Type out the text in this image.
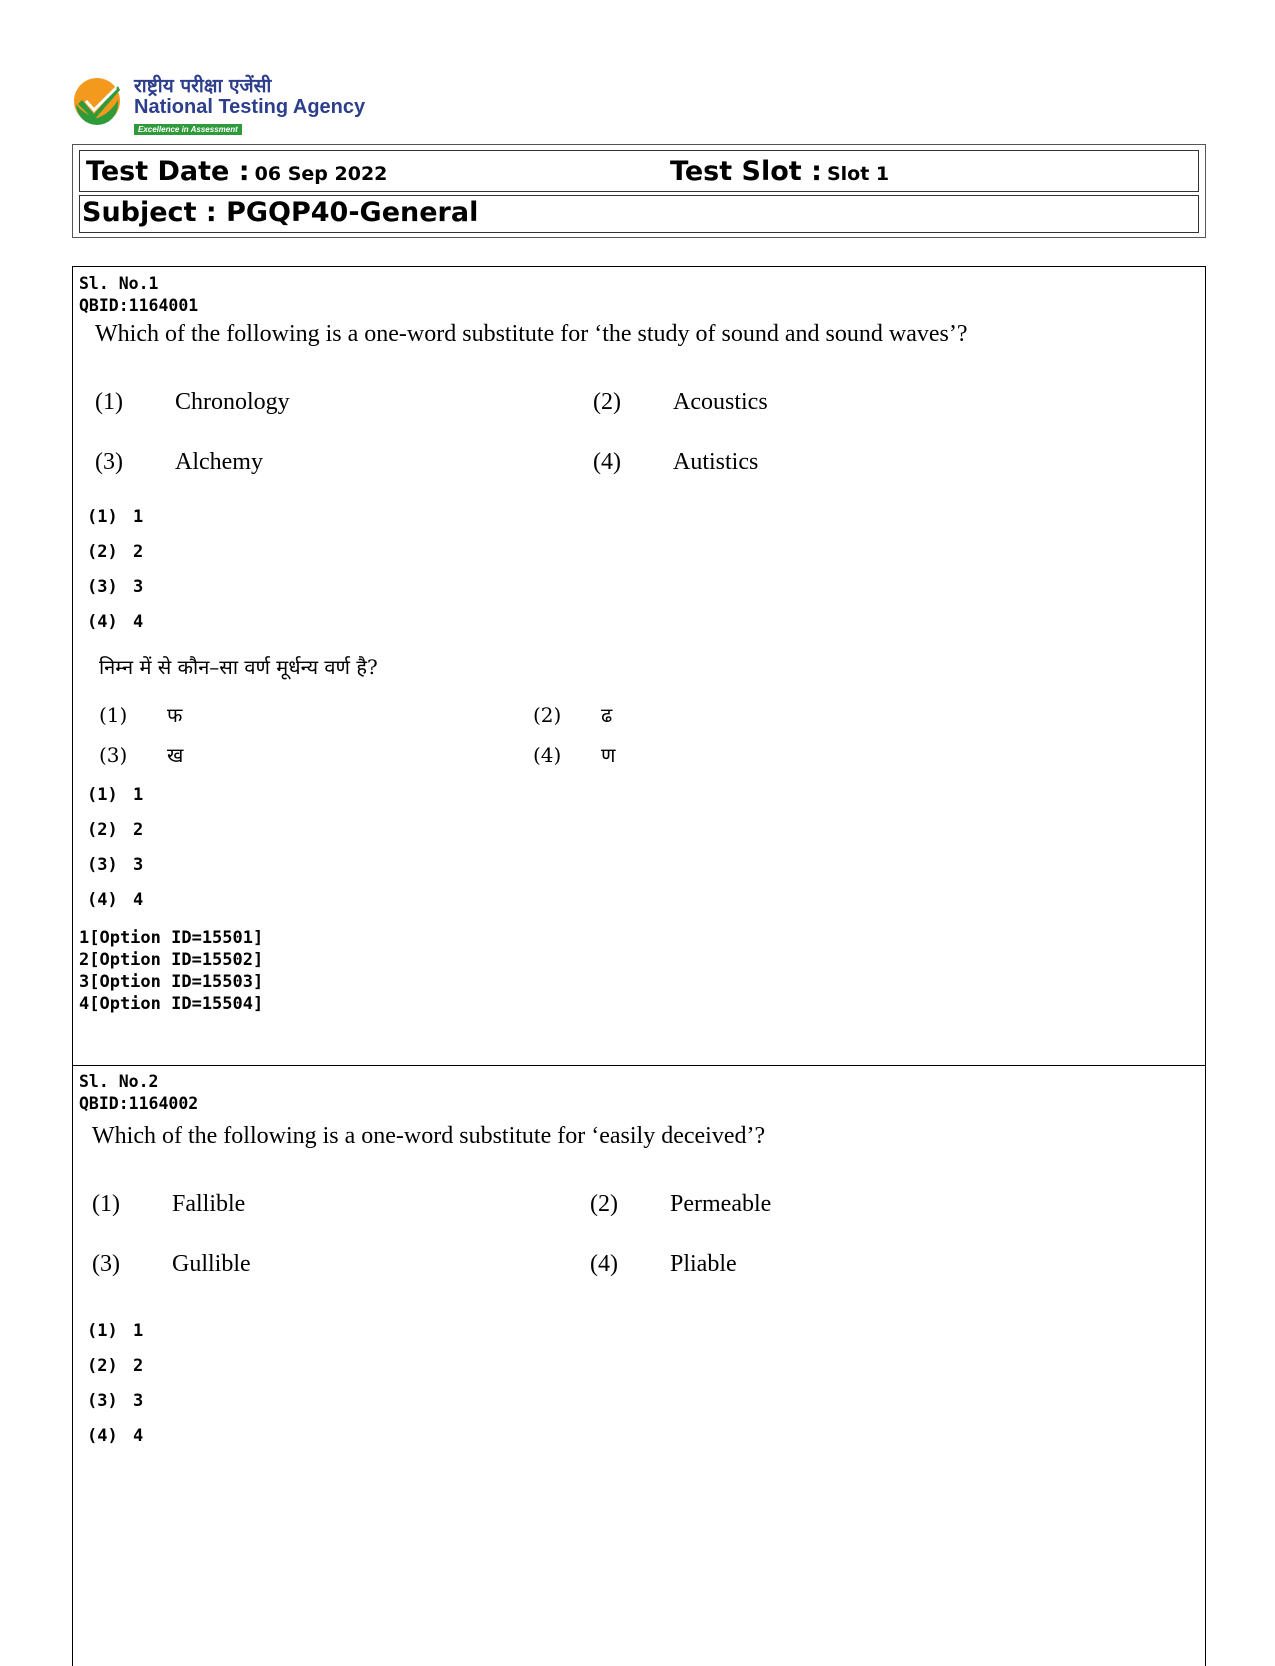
राष्ट्रीय परीक्षा एजेंसी
National Testing Agency
Excellence in Assessment
Test Date : 06 Sep 2022	Test Slot : Slot 1
Subject : PGQP40-General
Sl. No.1
QBID:1164001
Which of the following is a one-word substitute for ‘the study of sound and sound waves’?
(1) Chronology	(2) Acoustics
(3) Alchemy	(4) Autistics
(1) 1
(2) 2
(3) 3
(4) 4
निम्न में से कौन–सा वर्ण मूर्धन्य वर्ण है?
(1) फ	(2) ढ
(3) ख	(4) ण
(1) 1
(2) 2
(3) 3
(4) 4
1[Option ID=15501]
2[Option ID=15502]
3[Option ID=15503]
4[Option ID=15504]
Sl. No.2
QBID:1164002
Which of the following is a one-word substitute for ‘easily deceived’?
(1) Fallible	(2) Permeable
(3) Gullible	(4) Pliable
(1) 1
(2) 2
(3) 3
(4) 4
